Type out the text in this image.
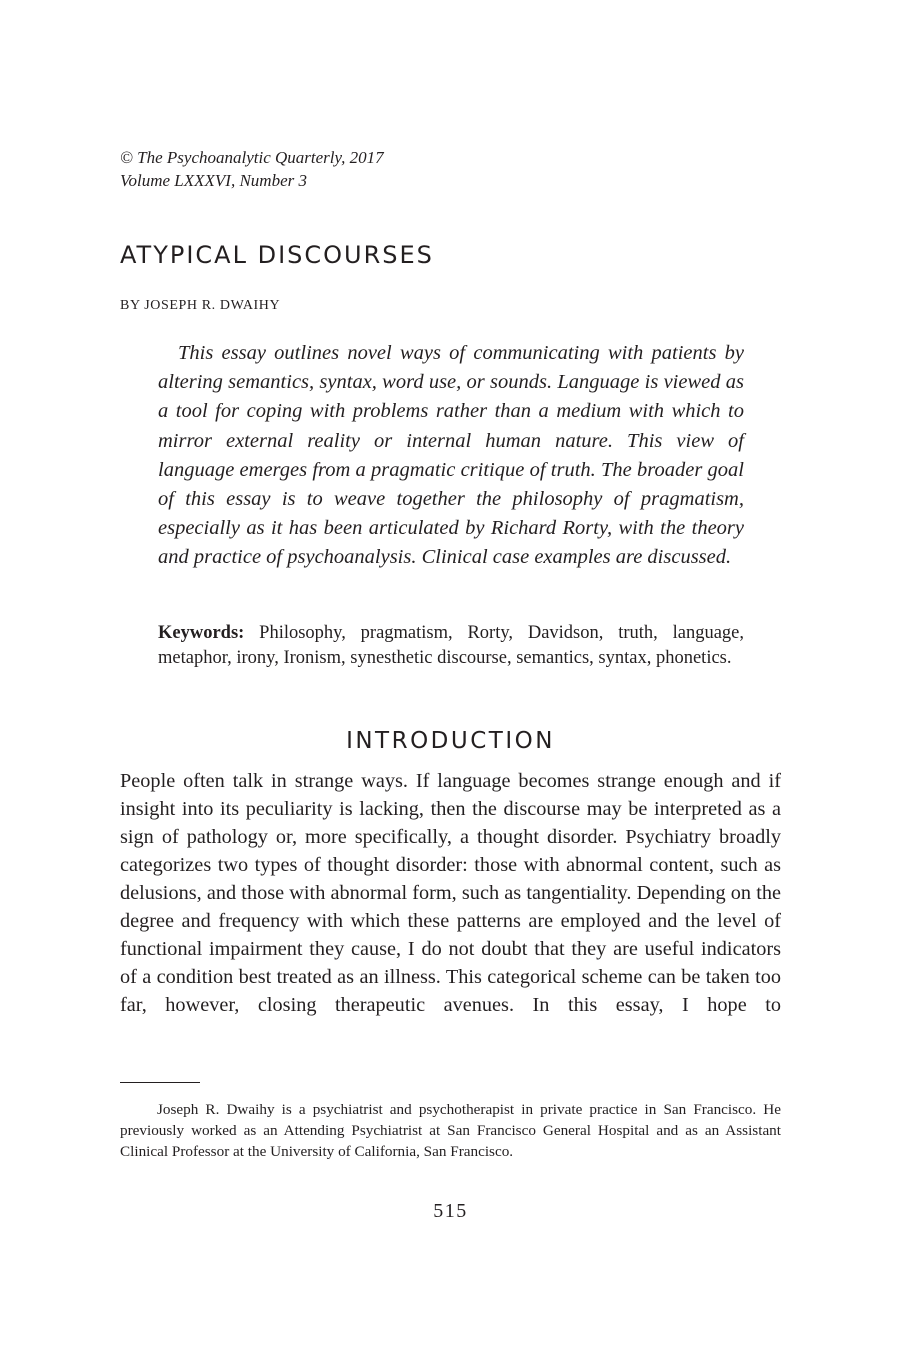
© The Psychoanalytic Quarterly, 2017
Volume LXXXVI, Number 3
ATYPICAL DISCOURSES
BY JOSEPH R. DWAIHY

This essay outlines novel ways of communicating with patients by altering semantics, syntax, word use, or sounds. Language is viewed as a tool for coping with problems rather than a medium with which to mirror external reality or internal human nature. This view of language emerges from a pragmatic critique of truth. The broader goal of this essay is to weave together the philosophy of pragmatism, especially as it has been articulated by Richard Rorty, with the theory and practice of psychoanalysis. Clinical case examples are discussed.

Keywords: Philosophy, pragmatism, Rorty, Davidson, truth, language, metaphor, irony, Ironism, synesthetic discourse, semantics, syntax, phonetics.

INTRODUCTION

People often talk in strange ways. If language becomes strange enough and if insight into its peculiarity is lacking, then the discourse may be interpreted as a sign of pathology or, more specifically, a thought disorder. Psychiatry broadly categorizes two types of thought disorder: those with abnormal content, such as delusions, and those with abnormal form, such as tangentiality. Depending on the degree and frequency with which these patterns are employed and the level of functional impairment they cause, I do not doubt that they are useful indicators of a condition best treated as an illness. This categorical scheme can be taken too far, however, closing therapeutic avenues. In this essay, I hope to

Joseph R. Dwaihy is a psychiatrist and psychotherapist in private practice in San Francisco. He previously worked as an Attending Psychiatrist at San Francisco General Hospital and as an Assistant Clinical Professor at the University of California, San Francisco.

515
